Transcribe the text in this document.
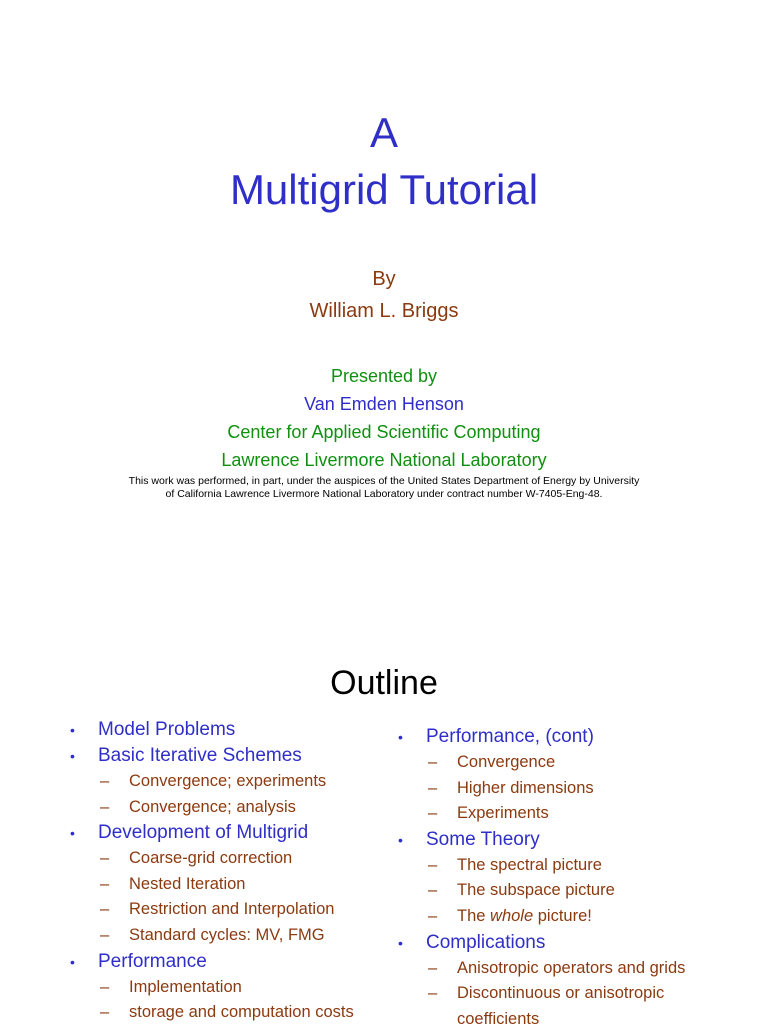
A
Multigrid Tutorial
By
William L. Briggs
Presented by
Van Emden Henson
Center for Applied Scientific Computing
Lawrence Livermore National Laboratory
This work was performed, in part, under the auspices of the United States Department of Energy by University
of California Lawrence Livermore National Laboratory under contract number W-7405-Eng-48.
Outline
• Model Problems
• Basic Iterative Schemes
– Convergence; experiments
– Convergence; analysis
• Development of Multigrid
– Coarse-grid correction
– Nested Iteration
– Restriction and Interpolation
– Standard cycles: MV, FMG
• Performance
– Implementation
– storage and computation costs
• Performance, (cont)
– Convergence
– Higher dimensions
– Experiments
• Some Theory
– The spectral picture
– The subspace picture
– The whole picture!
• Complications
– Anisotropic operators and grids
– Discontinuous or anisotropic
coefficients
